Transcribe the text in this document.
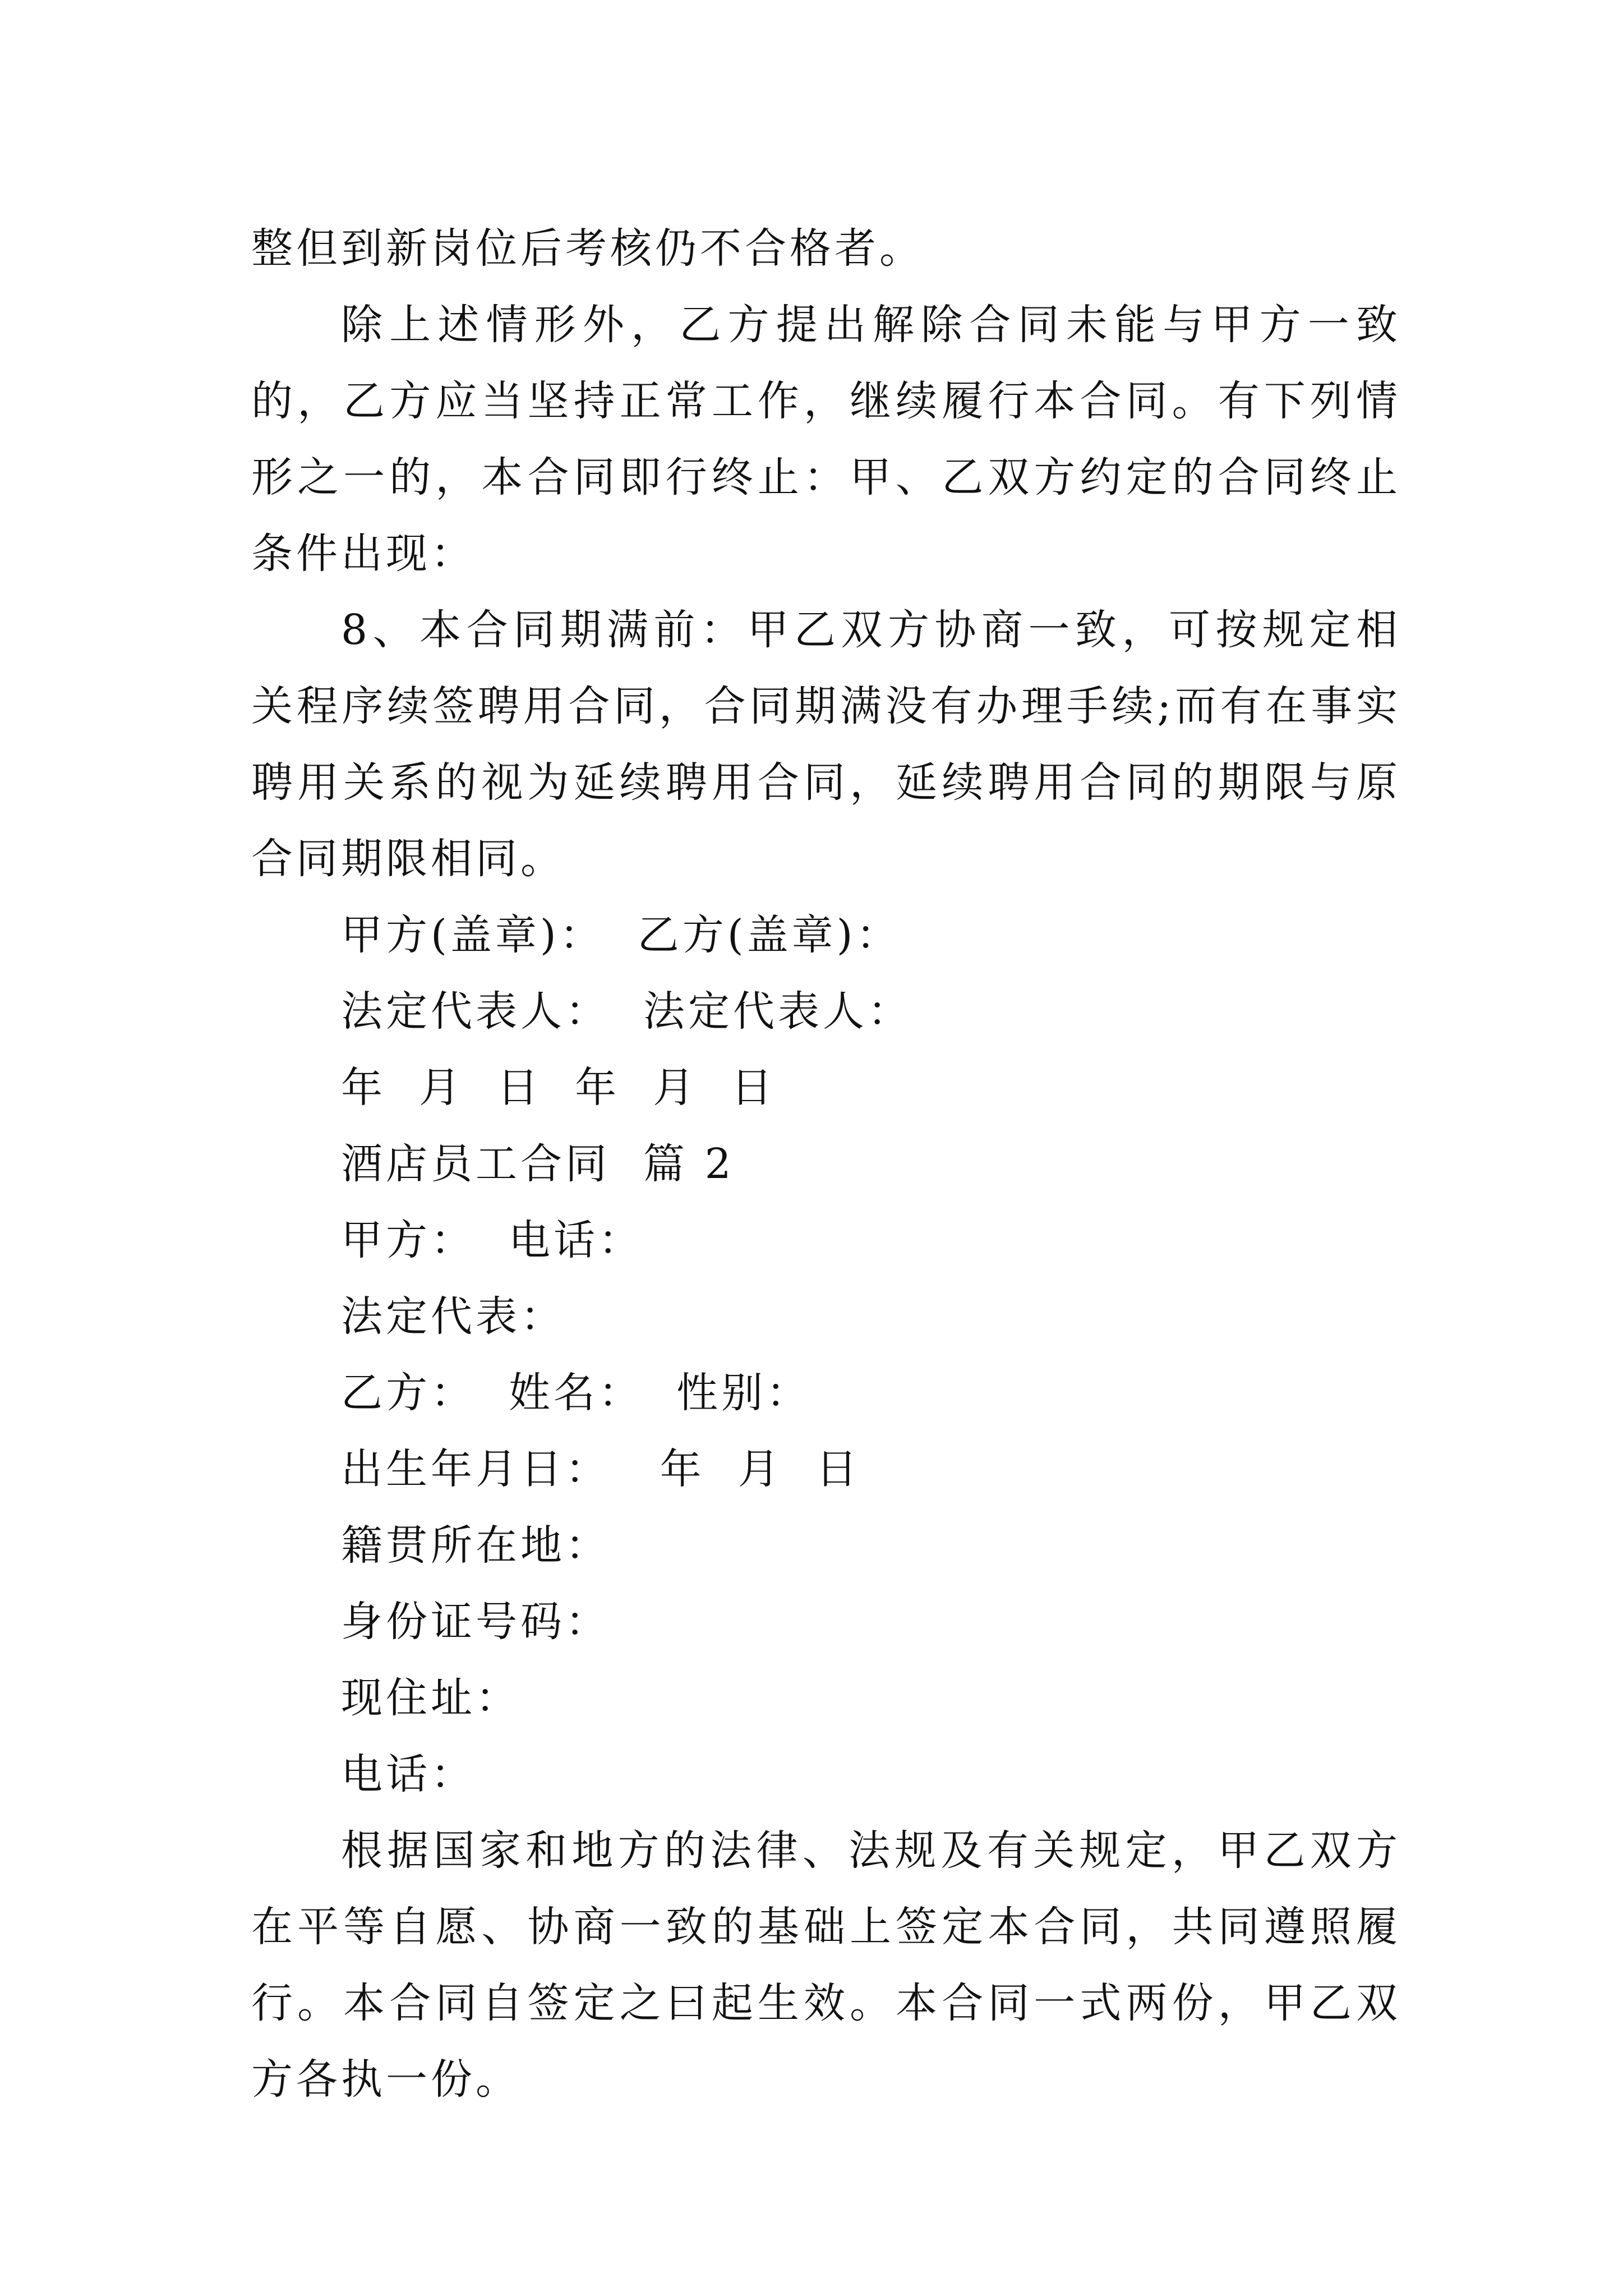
整但到新岗位后考核仍不合格者。

除上述情形外，乙方提出解除合同未能与甲方一致的，乙方应当坚持正常工作，继续履行本合同。有下列情形之一的，本合同即行终止：甲、乙双方约定的合同终止条件出现：

8、本合同期满前：甲乙双方协商一致，可按规定相关程序续签聘用合同，合同期满没有办理手续;而有在事实聘用关系的视为延续聘用合同，延续聘用合同的期限与原合同期限相同。

甲方(盖章)：  乙方(盖章)：

法定代表人：  法定代表人：

年  月  日  年  月  日

酒店员工合同  篇 2

甲方：  电话：

法定代表：

乙方：  姓名：  性别：

出生年月日：   年  月  日

籍贯所在地：

身份证号码：

现住址：

电话：

根据国家和地方的法律、法规及有关规定，甲乙双方在平等自愿、协商一致的基础上签定本合同，共同遵照履行。本合同自签定之曰起生效。本合同一式两份，甲乙双方各执一份。
